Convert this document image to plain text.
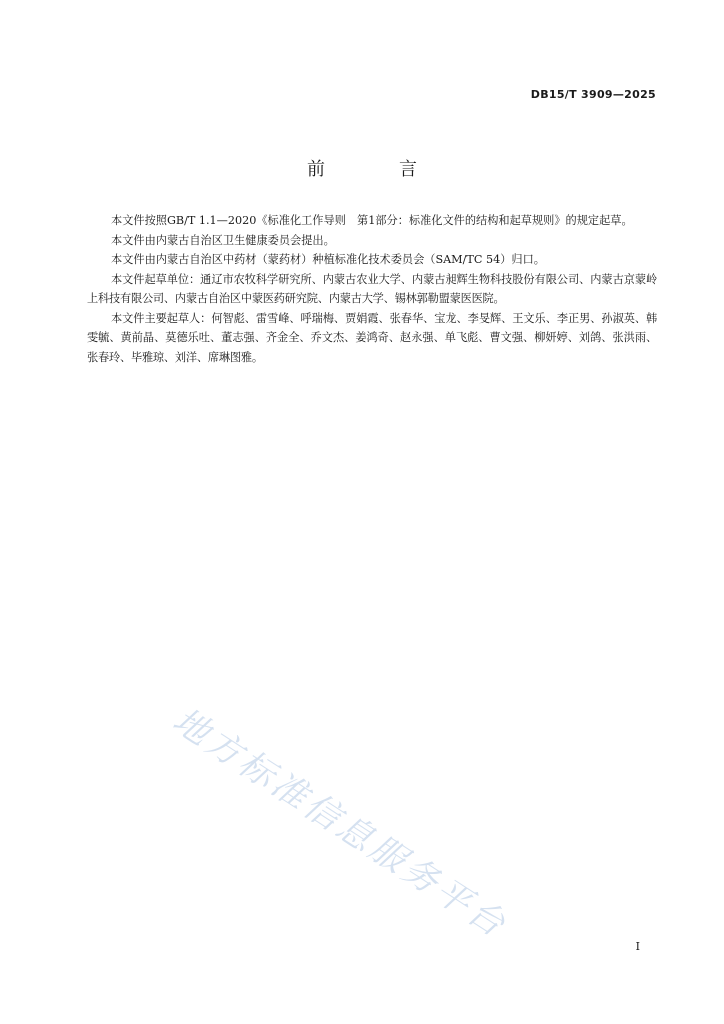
DB15/T 3909—2025
前　言

本文件按照GB/T 1.1—2020《标准化工作导则　第1部分：标准化文件的结构和起草规则》的规定起草。

本文件由内蒙古自治区卫生健康委员会提出。

本文件由内蒙古自治区中药材（蒙药材）种植标准化技术委员会（SAM/TC 54）归口。

本文件起草单位：通辽市农牧科学研究所、内蒙古农业大学、内蒙古昶辉生物科技股份有限公司、内蒙古京蒙岭上科技有限公司、内蒙古自治区中蒙医药研究院、内蒙古大学、锡林郭勒盟蒙医医院。

本文件主要起草人：何智彪、雷雪峰、呼瑞梅、贾娟霞、张春华、宝龙、李旻辉、王文乐、李正男、孙淑英、韩雯毓、黄前晶、莫德乐吐、董志强、齐金全、乔文杰、姜鸿奇、赵永强、单飞彪、曹文强、柳妍婷、刘鸽、张洪雨、张春玲、毕雅琼、刘洋、席琳图雅。

地方标准信息服务平台	I
